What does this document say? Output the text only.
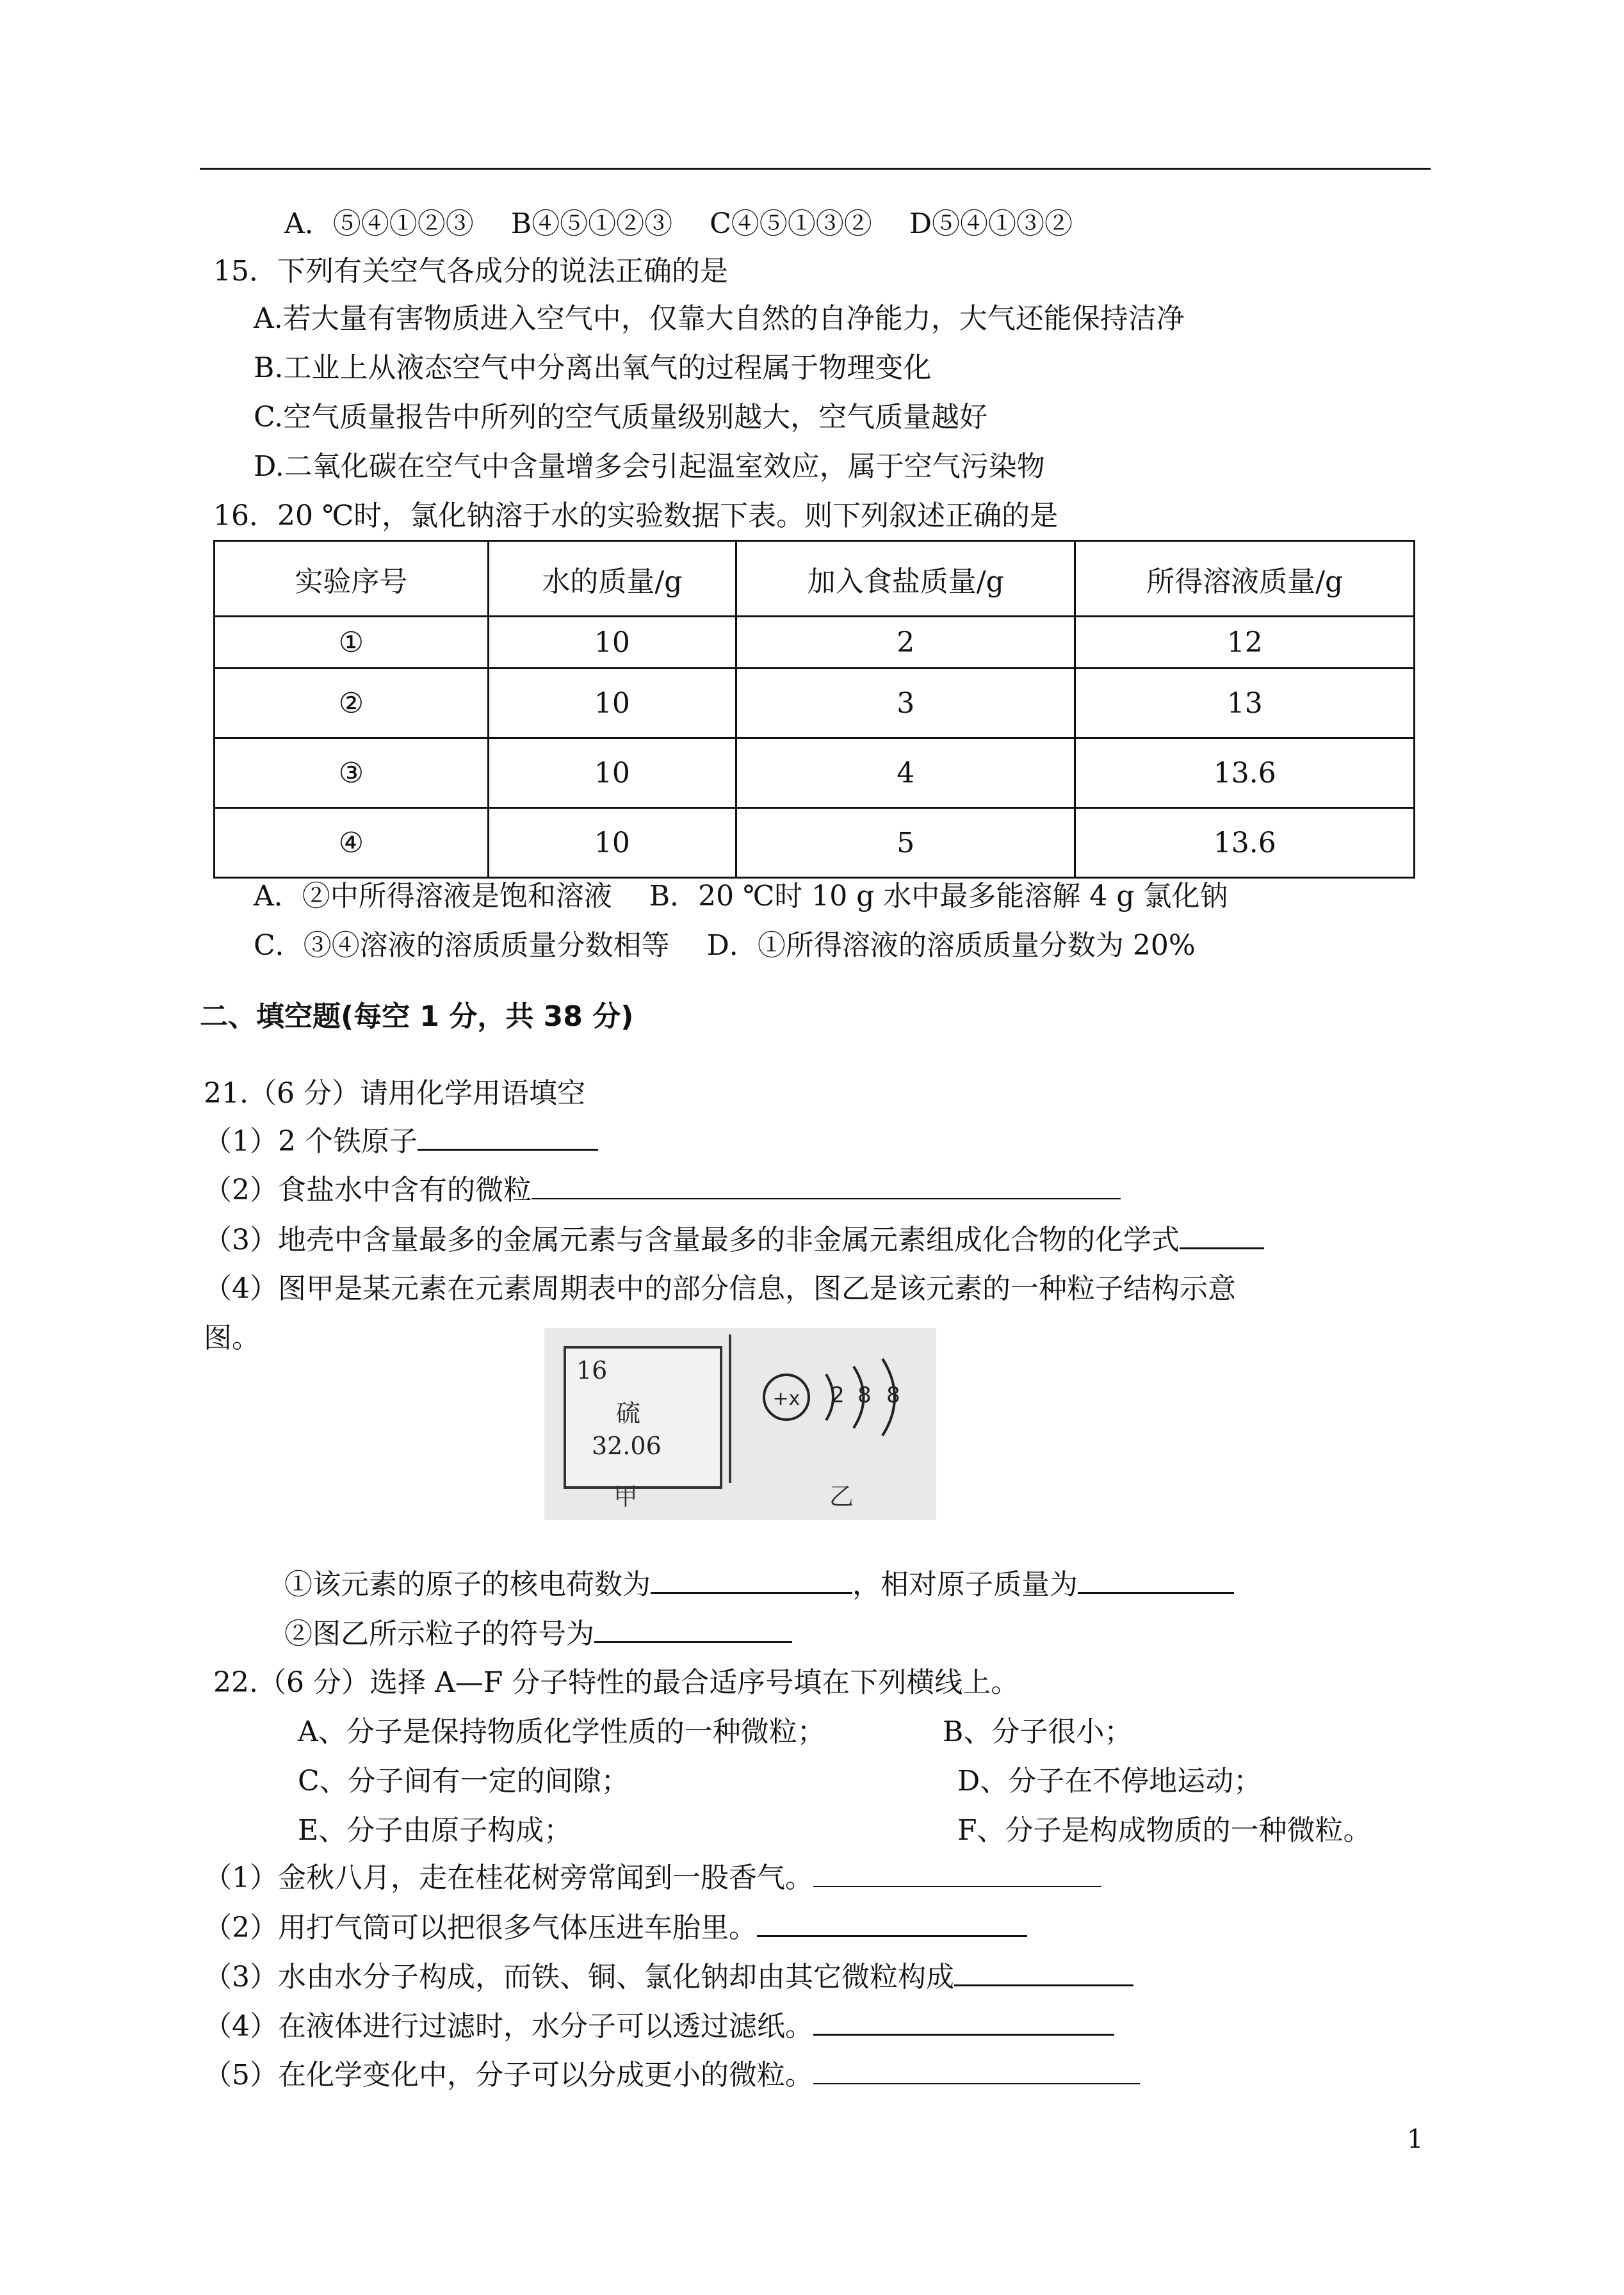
A．⑤④①②③　 B④⑤①②③　 C④⑤①③②　 D⑤④①③②
15．下列有关空气各成分的说法正确的是
A.若大量有害物质进入空气中，仅靠大自然的自净能力，大气还能保持洁净
B.工业上从液态空气中分离出氧气的过程属于物理变化
C.空气质量报告中所列的空气质量级别越大，空气质量越好
D.二氧化碳在空气中含量增多会引起温室效应，属于空气污染物
16．20 ℃时，氯化钠溶于水的实验数据下表。则下列叙述正确的是
实验序号	水的质量/g	加入食盐质量/g	所得溶液质量/g
①	10	2	12
②	10	3	13
③	10	4	13.6
④	10	5	13.6
A．②中所得溶液是饱和溶液　 B．20 ℃时 10 g 水中最多能溶解 4 g 氯化钠
C．③④溶液的溶质质量分数相等　 D．①所得溶液的溶质质量分数为 20%
二、填空题(每空 1 分，共 38 分)
21.（6 分）请用化学用语填空
（1）2 个铁原子
（2）食盐水中含有的微粒
（3）地壳中含量最多的金属元素与含量最多的非金属元素组成化合物的化学式
（4）图甲是某元素在元素周期表中的部分信息，图乙是该元素的一种粒子结构示意
图。
16
硫
32.06
+x 2 8 8
甲	乙
①该元素的原子的核电荷数为	，相对原子质量为
②图乙所示粒子的符号为
22.（6 分）选择 A—F 分子特性的最合适序号填在下列横线上。
A、分子是保持物质化学性质的一种微粒；	B、分子很小；
C、分子间有一定的间隙；	D、分子在不停地运动；
E、分子由原子构成；	F、分子是构成物质的一种微粒。
（1）金秋八月，走在桂花树旁常闻到一股香气。
（2）用打气筒可以把很多气体压进车胎里。
（3）水由水分子构成，而铁、铜、氯化钠却由其它微粒构成
（4）在液体进行过滤时，水分子可以透过滤纸。
（5）在化学变化中，分子可以分成更小的微粒。
1
